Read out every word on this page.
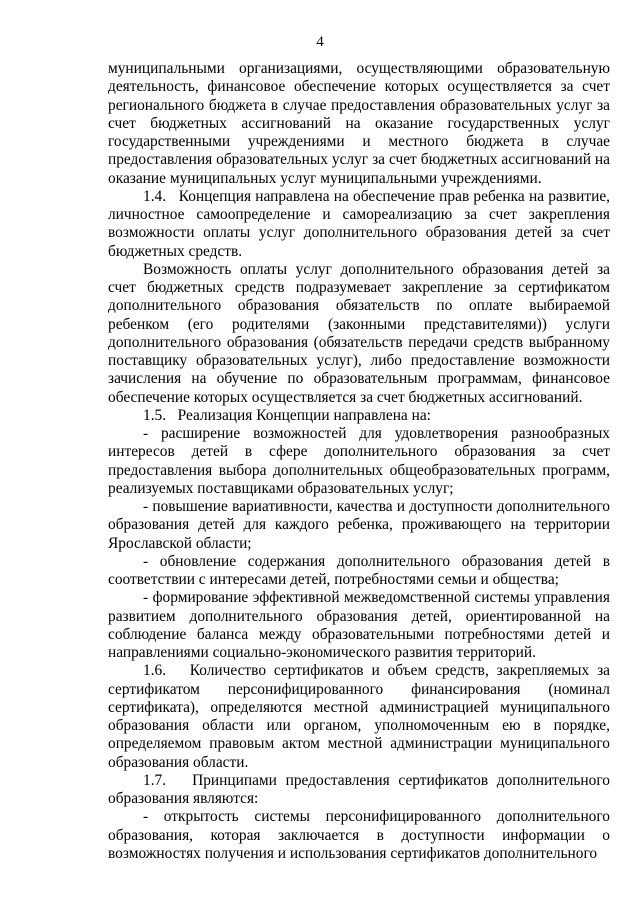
4

муниципальными организациями, осуществляющими образовательную деятельность, финансовое обеспечение которых осуществляется за счет регионального бюджета в случае предоставления образовательных услуг за счет бюджетных ассигнований на оказание государственных услуг государственными учреждениями и местного бюджета в случае предоставления образовательных услуг за счет бюджетных ассигнований на оказание муниципальных услуг муниципальными учреждениями.

1.4.   Концепция направлена на обеспечение прав ребенка на развитие, личностное самоопределение и самореализацию за счет закрепления возможности оплаты услуг дополнительного образования детей за счет бюджетных средств.

Возможность оплаты услуг дополнительного образования детей за счет бюджетных средств подразумевает закрепление за сертификатом дополнительного образования обязательств по оплате выбираемой ребенком (его родителями (законными представителями)) услуги дополнительного образования (обязательств передачи средств выбранному поставщику образовательных услуг), либо предоставление возможности зачисления на обучение по образовательным программам, финансовое обеспечение которых осуществляется за счет бюджетных ассигнований.

1.5.   Реализация Концепции направлена на:

- расширение возможностей для удовлетворения разнообразных интересов детей в сфере дополнительного образования за счет предоставления выбора дополнительных общеобразовательных программ, реализуемых поставщиками образовательных услуг;

- повышение вариативности, качества и доступности дополнительного образования детей для каждого ребенка, проживающего на территории Ярославской области;

- обновление содержания дополнительного образования детей в соответствии с интересами детей, потребностями семьи и общества;

- формирование эффективной межведомственной системы управления развитием дополнительного образования детей, ориентированной на соблюдение баланса между образовательными потребностями детей и направлениями социально-экономического развития территорий.

1.6.   Количество сертификатов и объем средств, закрепляемых за сертификатом персонифицированного финансирования (номинал сертификата), определяются местной администрацией муниципального образования области или органом, уполномоченным ею в порядке, определяемом правовым актом местной администрации муниципального образования области.

1.7.   Принципами предоставления сертификатов дополнительного образования являются:

- открытость системы персонифицированного дополнительного образования, которая заключается в доступности информации о возможностях получения и использования сертификатов дополнительного
